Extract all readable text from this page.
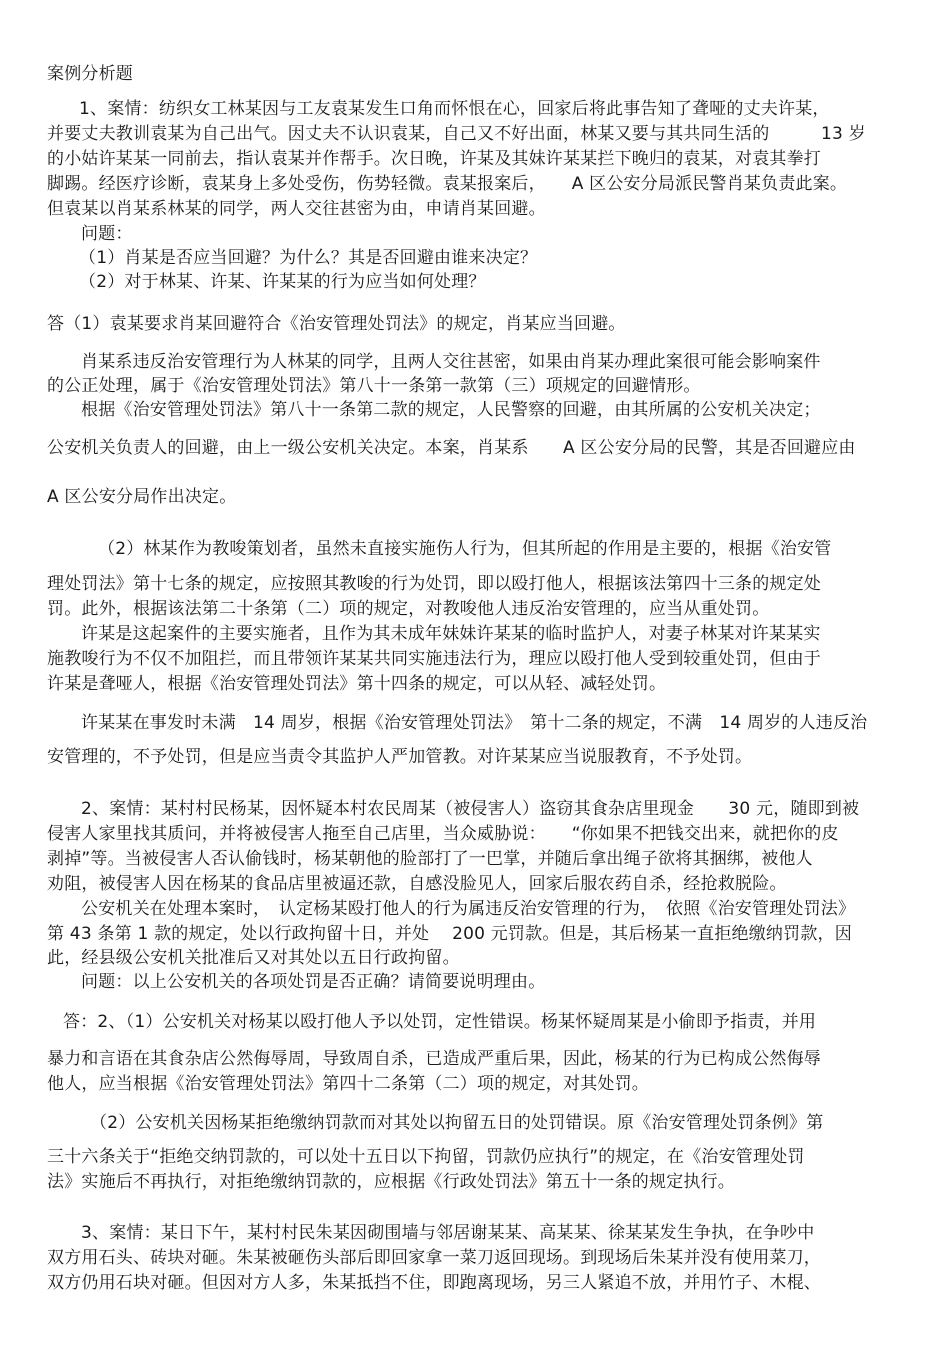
案例分析题
1、案情：纺织女工林某因与工友袁某发生口角而怀恨在心，回家后将此事告知了聋哑的丈夫许某，
并要丈夫教训袁某为自己出气。因丈夫不认识袁某，自己又不好出面，林某又要与其共同生活的　　　13 岁
的小姑许某某一同前去，指认袁某并作帮手。次日晚，许某及其妹许某某拦下晚归的袁某，对袁其拳打
脚踢。经医疗诊断，袁某身上多处受伤，伤势轻微。袁某报案后，　　A 区公安分局派民警肖某负责此案。
但袁某以肖某系林某的同学，两人交往甚密为由，申请肖某回避。
问题：
（1）肖某是否应当回避？为什么？其是否回避由谁来决定？
（2）对于林某、许某、许某某的行为应当如何处理？
答（1）袁某要求肖某回避符合《治安管理处罚法》的规定，肖某应当回避。
肖某系违反治安管理行为人林某的同学，且两人交往甚密，如果由肖某办理此案很可能会影响案件
的公正处理，属于《治安管理处罚法》第八十一条第一款第（三）项规定的回避情形。
根据《治安管理处罚法》第八十一条第二款的规定，人民警察的回避，由其所属的公安机关决定；
公安机关负责人的回避，由上一级公安机关决定。本案，肖某系　　A 区公安分局的民警，其是否回避应由
A 区公安分局作出决定。
（2）林某作为教唆策划者，虽然未直接实施伤人行为，但其所起的作用是主要的，根据《治安管
理处罚法》第十七条的规定，应按照其教唆的行为处罚，即以殴打他人，根据该法第四十三条的规定处
罚。此外，根据该法第二十条第（二）项的规定，对教唆他人违反治安管理的，应当从重处罚。
许某是这起案件的主要实施者，且作为其未成年妹妹许某某的临时监护人，对妻子林某对许某某实
施教唆行为不仅不加阻拦，而且带领许某某共同实施违法行为，理应以殴打他人受到较重处罚，但由于
许某是聋哑人，根据《治安管理处罚法》第十四条的规定，可以从轻、减轻处罚。
许某某在事发时未满　14 周岁，根据《治安管理处罚法》　第十二条的规定，不满　14 周岁的人违反治
安管理的，不予处罚，但是应当责令其监护人严加管教。对许某某应当说服教育，不予处罚。
2、案情：某村村民杨某，因怀疑本村农民周某（被侵害人）盗窃其食杂店里现金　　30 元，随即到被
侵害人家里找其质问，并将被侵害人拖至自己店里，当众威胁说：　　“你如果不把钱交出来，就把你的皮
剥掉”等。当被侵害人否认偷钱时，杨某朝他的脸部打了一巴掌，并随后拿出绳子欲将其捆绑，被他人
劝阻，被侵害人因在杨某的食品店里被逼还款，自感没脸见人，回家后服农药自杀，经抢救脱险。
公安机关在处理本案时，　认定杨某殴打他人的行为属违反治安管理的行为，　依照《治安管理处罚法》
第 43 条第 1 款的规定，处以行政拘留十日，并处　 200 元罚款。但是，其后杨某一直拒绝缴纳罚款，因
此，经县级公安机关批准后又对其处以五日行政拘留。
问题：以上公安机关的各项处罚是否正确？请简要说明理由。
答：2、（1）公安机关对杨某以殴打他人予以处罚，定性错误。杨某怀疑周某是小偷即予指责，并用
暴力和言语在其食杂店公然侮辱周，导致周自杀，已造成严重后果，因此，杨某的行为已构成公然侮辱
他人，应当根据《治安管理处罚法》第四十二条第（二）项的规定，对其处罚。
（2）公安机关因杨某拒绝缴纳罚款而对其处以拘留五日的处罚错误。原《治安管理处罚条例》第
三十六条关于“拒绝交纳罚款的，可以处十五日以下拘留，罚款仍应执行”的规定，在《治安管理处罚
法》实施后不再执行，对拒绝缴纳罚款的，应根据《行政处罚法》第五十一条的规定执行。
3、案情：某日下午，某村村民朱某因砌围墙与邻居谢某某、高某某、徐某某发生争执，在争吵中
双方用石头、砖块对砸。朱某被砸伤头部后即回家拿一菜刀返回现场。到现场后朱某并没有使用菜刀，
双方仍用石块对砸。但因对方人多，朱某抵挡不住，即跑离现场，另三人紧追不放，并用竹子、木棍、
